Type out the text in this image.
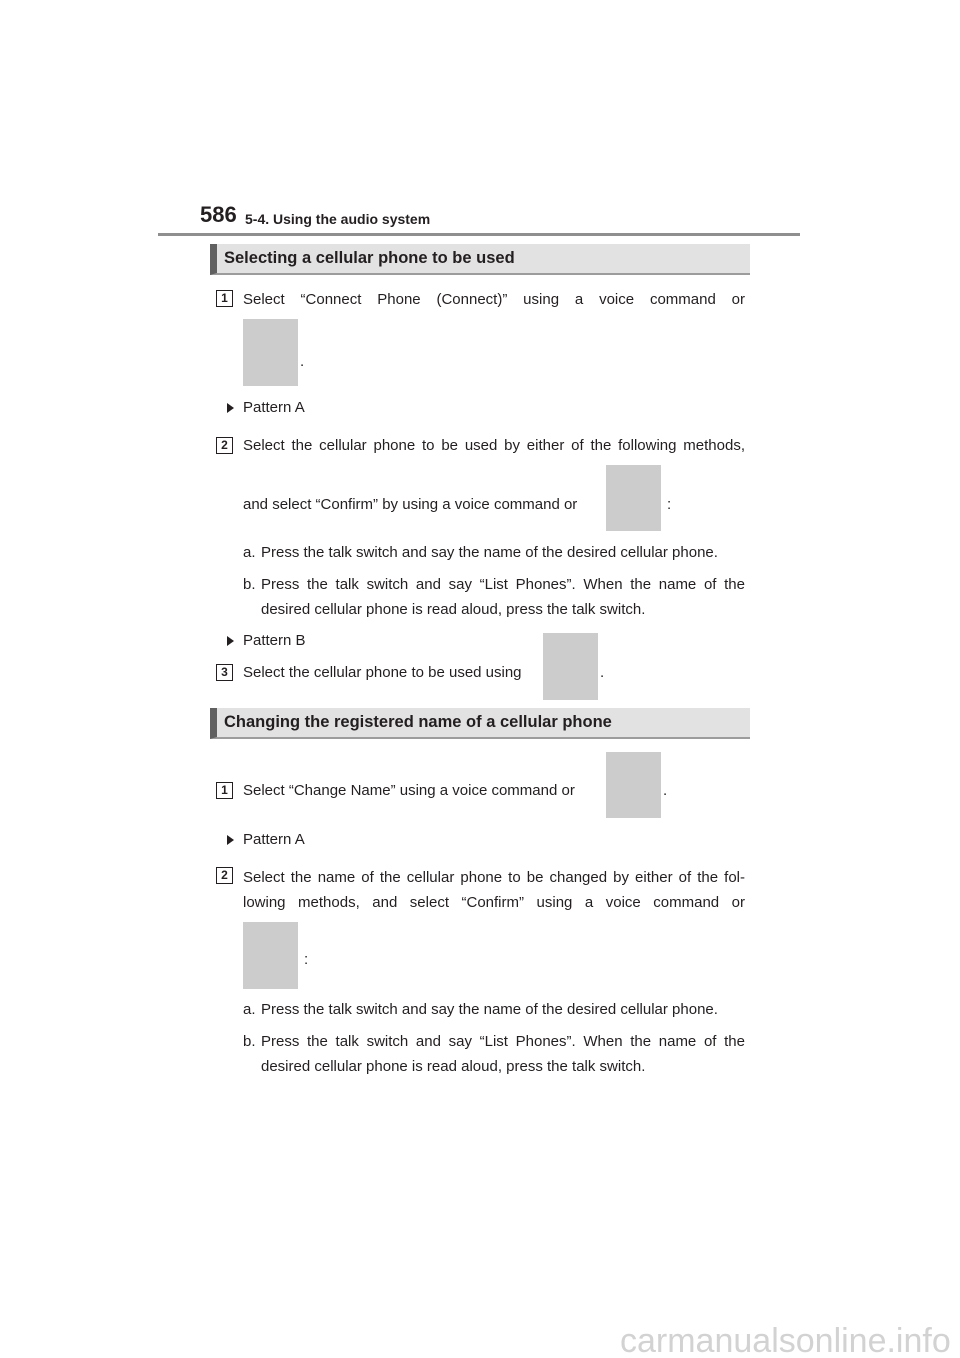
586 5-4. Using the audio system
Selecting a cellular phone to be used
1	Select “Connect Phone (Connect)” using a voice command or
.
Pattern A
2	Select the cellular phone to be used by either of the following methods,
and select “Confirm” by using a voice command or	:
a. Press the talk switch and say the name of the desired cellular phone.
b. Press the talk switch and say “List Phones”. When the name of the
desired cellular phone is read aloud, press the talk switch.
Pattern B
3	Select the cellular phone to be used using	.
Changing the registered name of a cellular phone
1	Select “Change Name” using a voice command or	.
Pattern A
2	Select the name of the cellular phone to be changed by either of the fol-
lowing methods, and select “Confirm” using a voice command or
:
a. Press the talk switch and say the name of the desired cellular phone.
b. Press the talk switch and say “List Phones”. When the name of the
desired cellular phone is read aloud, press the talk switch.
carmanualsonline.info
